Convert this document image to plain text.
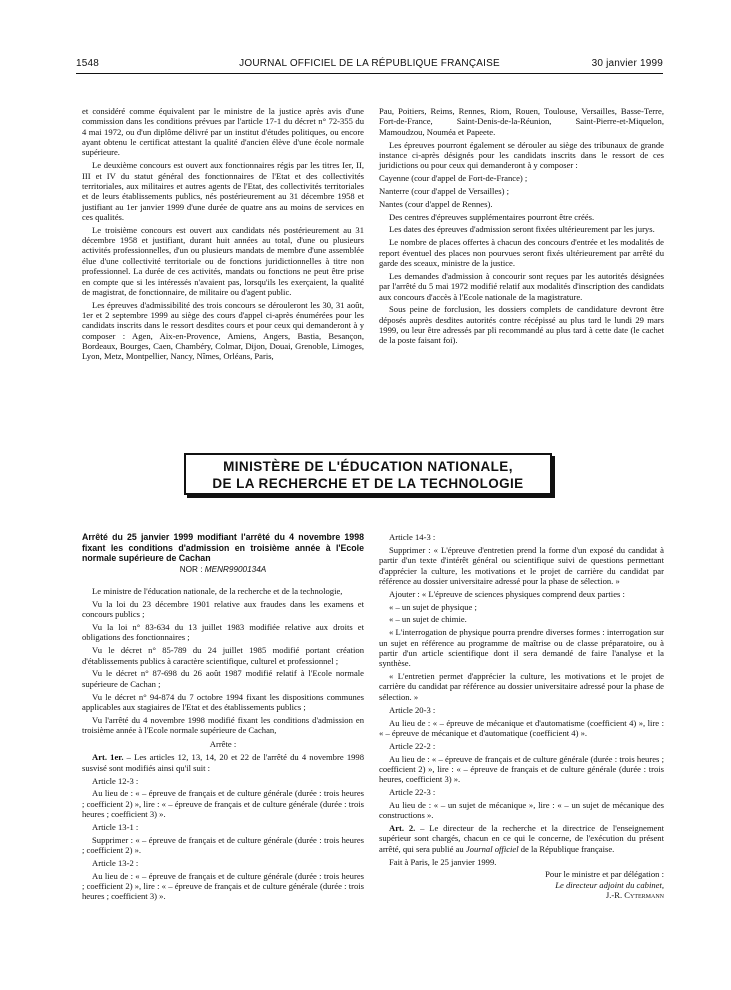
1548	JOURNAL OFFICIEL DE LA RÉPUBLIQUE FRANÇAISE	30 janvier 1999

et considéré comme équivalent par le ministre de la justice après avis d'une commission dans les conditions prévues par l'article 17-1 du décret n° 72-355 du 4 mai 1972, ou d'un diplôme délivré par un institut d'études politiques, ou encore ayant obtenu le certificat attestant la qualité d'ancien élève d'une école normale supérieure.

Le deuxième concours est ouvert aux fonctionnaires régis par les titres Ier, II, III et IV du statut général des fonctionnaires de l'Etat et des collectivités territoriales, aux militaires et autres agents de l'Etat, des collectivités territoriales et de leurs établissements publics, nés postérieurement au 31 décembre 1958 et justifiant au 1er janvier 1999 d'une durée de quatre ans au moins de services en ces qualités.

Le troisième concours est ouvert aux candidats nés postérieurement au 31 décembre 1958 et justifiant, durant huit années au total, d'une ou plusieurs activités professionnelles, d'un ou plusieurs mandats de membre d'une assemblée élue d'une collectivité territoriale ou de fonctions juridictionnelles à titre non professionnel. La durée de ces activités, mandats ou fonctions ne peut être prise en compte que si les intéressés n'avaient pas, lorsqu'ils les exerçaient, la qualité de magistrat, de fonctionnaire, de militaire ou d'agent public.

Les épreuves d'admissibilité des trois concours se dérouleront les 30, 31 août, 1er et 2 septembre 1999 au siège des cours d'appel ci-après énumérées pour les candidats inscrits dans le ressort desdites cours et pour ceux qui demanderont à y composer : Agen, Aix-en-Provence, Amiens, Angers, Bastia, Besançon, Bordeaux, Bourges, Caen, Chambéry, Colmar, Dijon, Douai, Grenoble, Limoges, Lyon, Metz, Montpellier, Nancy, Nîmes, Orléans, Paris,

Pau, Poitiers, Reims, Rennes, Riom, Rouen, Toulouse, Versailles, Basse-Terre, Fort-de-France, Saint-Denis-de-la-Réunion, Saint-Pierre-et-Miquelon, Mamoudzou, Nouméa et Papeete.

Les épreuves pourront également se dérouler au siège des tribunaux de grande instance ci-après désignés pour les candidats inscrits dans le ressort de ces juridictions ou pour ceux qui demanderont à y composer :

Cayenne (cour d'appel de Fort-de-France) ;

Nanterre (cour d'appel de Versailles) ;

Nantes (cour d'appel de Rennes).

Des centres d'épreuves supplémentaires pourront être créés.

Les dates des épreuves d'admission seront fixées ultérieurement par les jurys.

Le nombre de places offertes à chacun des concours d'entrée et les modalités de report éventuel des places non pourvues seront fixés ultérieurement par arrêté du garde des sceaux, ministre de la justice.

Les demandes d'admission à concourir sont reçues par les autorités désignées par l'arrêté du 5 mai 1972 modifié relatif aux modalités d'inscription des candidats aux concours d'accès à l'Ecole nationale de la magistrature.

Sous peine de forclusion, les dossiers complets de candidature devront être déposés auprès desdites autorités contre récépissé au plus tard le lundi 29 mars 1999, ou leur être adressés par pli recommandé au plus tard à cette date (le cachet de la poste faisant foi).

MINISTÈRE DE L'ÉDUCATION NATIONALE,
DE LA RECHERCHE ET DE LA TECHNOLOGIE
Arrêté du 25 janvier 1999 modifiant l'arrêté du 4 novembre 1998 fixant les conditions d'admission en troisième année à l'Ecole normale supérieure de Cachan
NOR : MENR9900134A

Le ministre de l'éducation nationale, de la recherche et de la technologie,

Vu la loi du 23 décembre 1901 relative aux fraudes dans les examens et concours publics ;

Vu la loi n° 83-634 du 13 juillet 1983 modifiée relative aux droits et obligations des fonctionnaires ;

Vu le décret n° 85-789 du 24 juillet 1985 modifié portant création d'établissements publics à caractère scientifique, culturel et professionnel ;

Vu le décret n° 87-698 du 26 août 1987 modifié relatif à l'Ecole normale supérieure de Cachan ;

Vu le décret n° 94-874 du 7 octobre 1994 fixant les dispositions communes applicables aux stagiaires de l'Etat et des établissements publics ;

Vu l'arrêté du 4 novembre 1998 modifié fixant les conditions d'admission en troisième année à l'Ecole normale supérieure de Cachan,

Arrête :

Art. 1er. – Les articles 12, 13, 14, 20 et 22 de l'arrêté du 4 novembre 1998 susvisé sont modifiés ainsi qu'il suit :

Article 12-3 :

Au lieu de : « – épreuve de français et de culture générale (durée : trois heures ; coefficient 2) », lire : « – épreuve de français et de culture générale (durée : trois heures ; coefficient 3) ».

Article 13-1 :

Supprimer : « – épreuve de français et de culture générale (durée : trois heures ; coefficient 2) ».

Article 13-2 :

Au lieu de : « – épreuve de français et de culture générale (durée : trois heures ; coefficient 2) », lire : « – épreuve de français et de culture générale (durée : trois heures ; coefficient 3) ».

Article 14-3 :

Supprimer : « L'épreuve d'entretien prend la forme d'un exposé du candidat à partir d'un texte d'intérêt général ou scientifique suivi de questions permettant d'apprécier la culture, les motivations et le projet de carrière du candidat par référence au dossier universitaire adressé pour la phase de sélection. »

Ajouter : « L'épreuve de sciences physiques comprend deux parties :

« – un sujet de physique ;

« – un sujet de chimie.

« L'interrogation de physique pourra prendre diverses formes : interrogation sur un sujet en référence au programme de maîtrise ou de classe préparatoire, ou à partir d'un article scientifique dont il sera demandé de faire l'analyse et la synthèse.

« L'entretien permet d'apprécier la culture, les motivations et le projet de carrière du candidat par référence au dossier universitaire adressé pour la phase de sélection. »

Article 20-3 :

Au lieu de : « – épreuve de mécanique et d'automatisme (coefficient 4) », lire : « – épreuve de mécanique et d'automatique (coefficient 4) ».

Article 22-2 :

Au lieu de : « – épreuve de français et de culture générale (durée : trois heures ; coefficient 2) », lire : « – épreuve de français et de culture générale (durée : trois heures, coefficient 3) ».

Article 22-3 :

Au lieu de : « – un sujet de mécanique », lire : « – un sujet de mécanique des constructions ».

Art. 2. – Le directeur de la recherche et la directrice de l'enseignement supérieur sont chargés, chacun en ce qui le concerne, de l'exécution du présent arrêté, qui sera publié au Journal officiel de la République française.

Fait à Paris, le 25 janvier 1999.

Pour le ministre et par délégation :

Le directeur adjoint du cabinet,

J.-R. Cytermann
